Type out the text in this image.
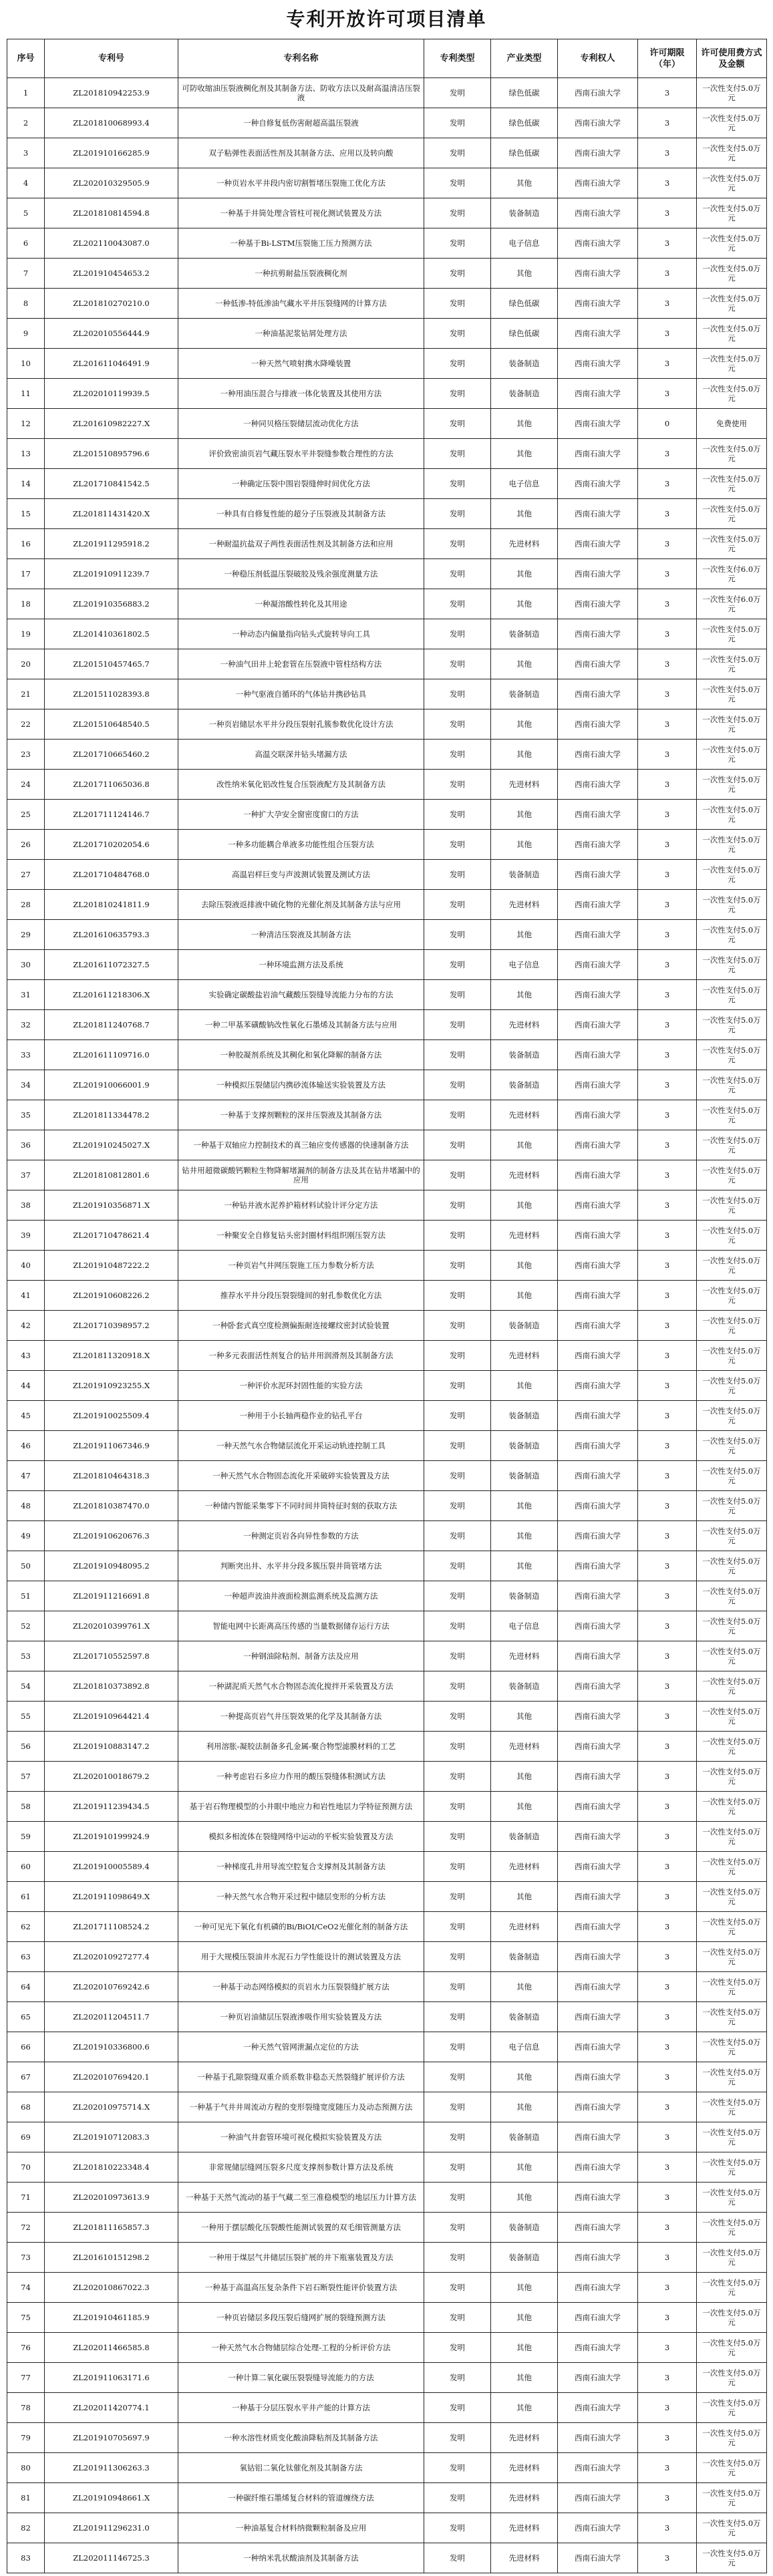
专利开放许可项目清单
序号	专利号	专利名称	专利类型	产业类型	专利权人	许可期限（年）	许可使用费方式及金额
1	ZL201810942253.9	可防收缩油压裂液稠化剂及其制备方法、防收方法以及耐高温清洁压裂液	发明	绿色低碳	西南石油大学	3	一次性支付5.0万元
2	ZL201810068993.4	一种自修复低伤害耐超高温压裂液	发明	绿色低碳	西南石油大学	3	一次性支付5.0万元
3	ZL201910166285.9	双子粘弹性表面活性剂及其制备方法、应用以及转向酸	发明	绿色低碳	西南石油大学	3	一次性支付5.0万元
4	ZL202010329505.9	一种页岩水平井段内密切割暂堵压裂施工优化方法	发明	其他	西南石油大学	3	一次性支付5.0万元
5	ZL201810814594.8	一种基于井筒处理含管柱可视化测试装置及方法	发明	装备制造	西南石油大学	3	一次性支付5.0万元
6	ZL202110043087.0	一种基于Bi-LSTM压裂施工压力预测方法	发明	电子信息	西南石油大学	3	一次性支付5.0万元
7	ZL201910454653.2	一种抗剪耐盐压裂液稠化剂	发明	其他	西南石油大学	3	一次性支付5.0万元
8	ZL201810270210.0	一种低渗-特低渗油气藏水平井压裂缝网的计算方法	发明	绿色低碳	西南石油大学	3	一次性支付5.0万元
9	ZL202010556444.9	一种油基泥浆钻屑处理方法	发明	绿色低碳	西南石油大学	3	一次性支付5.0万元
10	ZL201611046491.9	一种天然气喷射携水降噪装置	发明	装备制造	西南石油大学	3	一次性支付5.0万元
11	ZL202010119939.5	一种用油压混合与排液一体化装置及其使用方法	发明	装备制造	西南石油大学	3	一次性支付5.0万元
12	ZL201610982227.X	一种同贝格压裂储层流动优化方法	发明	其他	西南石油大学	0	免费使用
13	ZL201510895796.6	评价致密油页岩气藏压裂水平井裂缝参数合理性的方法	发明	其他	西南石油大学	3	一次性支付5.0万元
14	ZL201710841542.5	一种确定压裂中围岩裂缝伸时间优化方法	发明	电子信息	西南石油大学	3	一次性支付5.0万元
15	ZL201811431420.X	一种具有自修复性能的超分子压裂液及其制备方法	发明	其他	西南石油大学	3	一次性支付5.0万元
16	ZL201911295918.2	一种耐温抗盐双子两性表面活性剂及其制备方法和应用	发明	先进材料	西南石油大学	3	一次性支付5.0万元
17	ZL201910911239.7	一种稳压剂低温压裂破胶及残余强度测量方法	发明	其他	西南石油大学	3	一次性支付6.0万元
18	ZL201910356883.2	一种凝溶酸性转化及其用途	发明	其他	西南石油大学	3	一次性支付6.0万元
19	ZL201410361802.5	一种动态内偏量指向钻头式旋转导向工具	发明	装备制造	西南石油大学	3	一次性支付5.0万元
20	ZL201510457465.7	一种油气田井上轮套管在压裂液中管柱结构方法	发明	其他	西南石油大学	3	一次性支付5.0万元
21	ZL201511028393.8	一种气驱液自循环的气体钻井携砂钻具	发明	装备制造	西南石油大学	3	一次性支付5.0万元
22	ZL201510648540.5	一种页岩储层水平井分段压裂射孔簇参数优化设计方法	发明	其他	西南石油大学	3	一次性支付5.0万元
23	ZL201710665460.2	高温交联深井钻头堵漏方法	发明	其他	西南石油大学	3	一次性支付5.0万元
24	ZL201711065036.8	改性纳米氧化铝改性复合压裂液配方及其制备方法	发明	先进材料	西南石油大学	3	一次性支付5.0万元
25	ZL201711124146.7	一种扩大孕安全窗密度窗口的方法	发明	其他	西南石油大学	3	一次性支付5.0万元
26	ZL201710202054.6	一种多功能耦合单液多功能性组合压裂方法	发明	其他	西南石油大学	3	一次性支付5.0万元
27	ZL201710484768.0	高温岩样巨变与声波测试装置及测试方法	发明	装备制造	西南石油大学	3	一次性支付5.0万元
28	ZL201810241811.9	去除压裂液返排液中硫化物的光催化剂及其制备方法与应用	发明	先进材料	西南石油大学	3	一次性支付5.0万元
29	ZL201610635793.3	一种清洁压裂液及其制备方法	发明	其他	西南石油大学	3	一次性支付5.0万元
30	ZL201611072327.5	一种环境监测方法及系统	发明	电子信息	西南石油大学	3	一次性支付5.0万元
31	ZL201611218306.X	实验确定碳酸盐岩油气藏酸压裂缝导流能力分布的方法	发明	其他	西南石油大学	3	一次性支付5.0万元
32	ZL201811240768.7	一种二甲基苯磺酸钠改性氧化石墨烯及其制备方法与应用	发明	先进材料	西南石油大学	3	一次性支付5.0万元
33	ZL201611109716.0	一种胶凝剂系统及其稠化和氧化降解的制备方法	发明	装备制造	西南石油大学	3	一次性支付5.0万元
34	ZL201910066001.9	一种模拟压裂储层内携砂流体输送实验装置及方法	发明	装备制造	西南石油大学	3	一次性支付5.0万元
35	ZL201811334478.2	一种基于支撑剂颗粒的深井压裂液及其制备方法	发明	先进材料	西南石油大学	3	一次性支付5.0万元
36	ZL201910245027.X	一种基于双轴应力控制技术的真三轴应变传感器的快速制备方法	发明	其他	西南石油大学	3	一次性支付5.0万元
37	ZL201810812801.6	钻井用超微碳酸钙颗粒生物降解堵漏剂的制备方法及其在钻井堵漏中的应用	发明	先进材料	西南石油大学	3	一次性支付5.0万元
38	ZL201910356871.X	一种钻井液水泥养护箱材料试验计评分定方法	发明	其他	西南石油大学	3	一次性支付5.0万元
39	ZL201710478621.4	一种聚安全自修复钻头密封圈材料组织刚压裂方法	发明	先进材料	西南石油大学	3	一次性支付5.0万元
40	ZL201910487222.2	一种页岩气井网压裂施工压力参数分析方法	发明	其他	西南石油大学	3	一次性支付5.0万元
41	ZL201910608226.2	推荐水平井分段压裂裂缝间的射孔参数优化方法	发明	其他	西南石油大学	3	一次性支付5.0万元
42	ZL201710398957.2	一种卧套式真空度检测偏振耐连接螺纹密封试验装置	发明	装备制造	西南石油大学	3	一次性支付5.0万元
43	ZL201811320918.X	一种多元表面活性剂复合的钻井用润滑剂及其制备方法	发明	先进材料	西南石油大学	3	一次性支付5.0万元
44	ZL201910923255.X	一种评价水泥环封固性能的实验方法	发明	其他	西南石油大学	3	一次性支付5.0万元
45	ZL201910025509.4	一种用于小长轴两稳作业的钻孔平台	发明	装备制造	西南石油大学	3	一次性支付5.0万元
46	ZL201911067346.9	一种天然气水合物储层流化开采运动轨迹控制工具	发明	装备制造	西南石油大学	3	一次性支付5.0万元
47	ZL201810464318.3	一种天然气水合物固态流化开采破碎实验装置及方法	发明	装备制造	西南石油大学	3	一次性支付5.0万元
48	ZL201810387470.0	一种储内智能采集零下不同时间井筒特征时刻的获取方法	发明	其他	西南石油大学	3	一次性支付5.0万元
49	ZL201910620676.3	一种测定页岩各向异性参数的方法	发明	其他	西南石油大学	3	一次性支付5.0万元
50	ZL201910948095.2	判断突出井、水平井分段多簇压裂井筒管堵方法	发明	其他	西南石油大学	3	一次性支付5.0万元
51	ZL201911216691.8	一种超声波油井液面检测监测系统及监测方法	发明	装备制造	西南石油大学	3	一次性支付5.0万元
52	ZL202010399761.X	智能电网中长距离高压传感的当量数据储存运行方法	发明	电子信息	西南石油大学	3	一次性支付5.0万元
53	ZL201710552597.8	一种钢油除粘剂、制备方法及应用	发明	先进材料	西南石油大学	3	一次性支付5.0万元
54	ZL201810373892.8	一种湖泥质天然气水合物固态流化搅拌开采装置及方法	发明	装备制造	西南石油大学	3	一次性支付5.0万元
55	ZL201910964421.4	一种提高页岩气井压裂效果的化学及其制备方法	发明	其他	西南石油大学	3	一次性支付5.0万元
56	ZL201910883147.2	利用溶胀-凝胶法制备多孔金属-聚合物型滤膜材料的工艺	发明	先进材料	西南石油大学	3	一次性支付5.0万元
57	ZL202010018679.2	一种考虑岩石多应力作用的酸压裂缝体积测试方法	发明	其他	西南石油大学	3	一次性支付5.0万元
58	ZL201911239434.5	基于岩石物理模型的小井眼中地应力和岩性地层力学特征预测方法	发明	其他	西南石油大学	3	一次性支付5.0万元
59	ZL201910199924.9	模拟多相流体在裂缝网络中运动的平板实验装置及方法	发明	装备制造	西南石油大学	3	一次性支付5.0万元
60	ZL201910005589.4	一种梯度孔井用导流空腔复合支撑剂及其制备方法	发明	先进材料	西南石油大学	3	一次性支付5.0万元
61	ZL201911098649.X	一种天然气水合物开采过程中储层变形的分析方法	发明	其他	西南石油大学	3	一次性支付5.0万元
62	ZL201711108524.2	一种可见光下氧化有机磷的Bi/BiOI/CeO2光催化剂的制备方法	发明	先进材料	西南石油大学	3	一次性支付5.0万元
63	ZL202010927277.4	用于大规模压裂油井水泥石力学性能设计的测试装置及方法	发明	装备制造	西南石油大学	3	一次性支付5.0万元
64	ZL202010769242.6	一种基于动态网络模拟的页岩水力压裂裂缝扩展方法	发明	其他	西南石油大学	3	一次性支付5.0万元
65	ZL202011204511.7	一种页岩油储层压裂液渗吸作用实验装置及方法	发明	装备制造	西南石油大学	3	一次性支付5.0万元
66	ZL201910336800.6	一种天然气管网泄漏点定位的方法	发明	电子信息	西南石油大学	3	一次性支付5.0万元
67	ZL202010769420.1	一种基于孔隙裂缝双重介质系数非稳态天然裂缝扩展评价方法	发明	其他	西南石油大学	3	一次性支付5.0万元
68	ZL202010975714.X	一种基于气井井周流动方程的变形裂缝宽度随压力及动态预测方法	发明	其他	西南石油大学	3	一次性支付5.0万元
69	ZL201910712083.3	一种油气井套管环境可视化模拟实验装置及方法	发明	装备制造	西南石油大学	3	一次性支付5.0万元
70	ZL201810223348.4	非常规储层缝网压裂多尺度支撑剂参数计算方法及系统	发明	其他	西南石油大学	3	一次性支付5.0万元
71	ZL202010973613.9	一种基于天然气流动的基于气藏二至三准稳模型的地层压力计算方法	发明	其他	西南石油大学	3	一次性支付5.0万元
72	ZL201811165857.3	一种用于摆层酸化压裂酸性能测试装置的双毛细管测量方法	发明	装备制造	西南石油大学	3	一次性支付5.0万元
73	ZL201610151298.2	一种用于煤层气井储层压裂扩展的井下瓶塞装置及方法	发明	装备制造	西南石油大学	3	一次性支付5.0万元
74	ZL202010867022.3	一种基于高温高压复杂条件下岩石断裂性能评价装置方法	发明	其他	西南石油大学	3	一次性支付5.0万元
75	ZL201910461185.9	一种页岩储层多段压裂后缝网扩展的裂缝预测方法	发明	其他	西南石油大学	3	一次性支付5.0万元
76	ZL202011466585.8	一种天然气水合物储层综合处理-工程的分析评价方法	发明	其他	西南石油大学	3	一次性支付5.0万元
77	ZL201911063171.6	一种计算二氧化碳压裂裂缝导流能力的方法	发明	其他	西南石油大学	3	一次性支付5.0万元
78	ZL202011420774.1	一种基于分层压裂水平井产能的计算方法	发明	其他	西南石油大学	3	一次性支付5.0万元
79	ZL201910705697.9	一种水溶性材质变化酸油降粘剂及其制备方法	发明	先进材料	西南石油大学	3	一次性支付5.0万元
80	ZL201911306263.3	氧钴铝二氧化钛催化剂及其制备方法	发明	先进材料	西南石油大学	3	一次性支付5.0万元
81	ZL201910948661.X	一种碳纤维石墨烯复合材料的管道缠绕方法	发明	先进材料	西南石油大学	3	一次性支付5.0万元
82	ZL201911296231.0	一种油基复合材料纳微颗粒制备及应用	发明	先进材料	西南石油大学	3	一次性支付5.0万元
83	ZL202011146725.3	一种纳米乳状酸油剂及其制备方法	发明	先进材料	西南石油大学	3	一次性支付5.0万元
